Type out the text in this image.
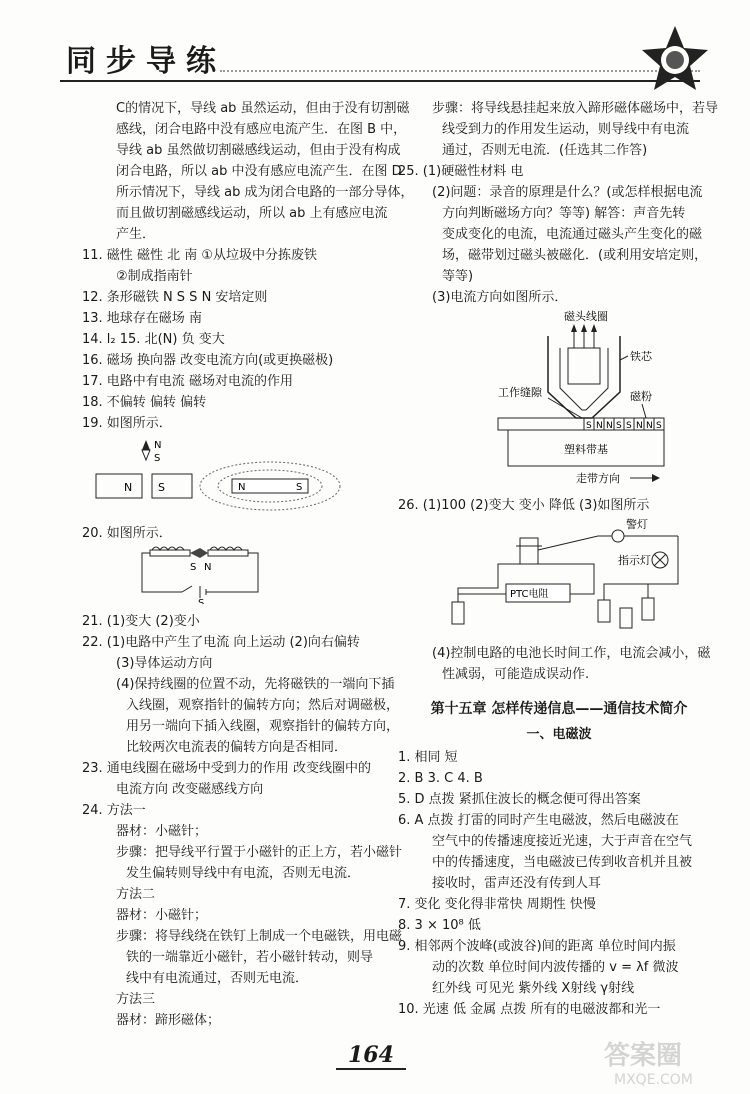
同步导练
C的情况下，导线 ab 虽然运动，但由于没有切割磁
感线，闭合电路中没有感应电流产生．在图 B 中，
导线 ab 虽然做切割磁感线运动，但由于没有构成
闭合电路，所以 ab 中没有感应电流产生．在图 D
所示情况下，导线 ab 成为闭合电路的一部分导体，
而且做切割磁感线运动，所以 ab 上有感应电流
产生．
11. 磁性 磁性 北 南 ①从垃圾中分拣废铁
②制成指南针
12. 条形磁铁 N S S N 安培定则
13. 地球存在磁场 南
14. l₂ 15. 北(N) 负 变大
16. 磁场 换向器 改变电流方向(或更换磁极)
17. 电路中有电流 磁场对电流的作用
18. 不偏转 偏转 偏转
19. 如图所示．
N
S
N S	N	S
20. 如图所示．
S N
S
21. (1)变大 (2)变小
22. (1)电路中产生了电流 向上运动 (2)向右偏转
(3)导体运动方向
(4)保持线圈的位置不动，先将磁铁的一端向下插
入线圈，观察指针的偏转方向；然后对调磁极，
用另一端向下插入线圈，观察指针的偏转方向，
比较两次电流表的偏转方向是否相同．
23. 通电线圈在磁场中受到力的作用 改变线圈中的
电流方向 改变磁感线方向
24. 方法一
器材：小磁针；
步骤：把导线平行置于小磁针的正上方，若小磁针
发生偏转则导线中有电流，否则无电流．
方法二
器材：小磁针；
步骤：将导线绕在铁钉上制成一个电磁铁，用电磁
铁的一端靠近小磁针，若小磁针转动，则导
线中有电流通过，否则无电流．
方法三
器材：蹄形磁体；
步骤：将导线悬挂起来放入蹄形磁体磁场中，若导
线受到力的作用发生运动，则导线中有电流
通过，否则无电流．(任选其二作答)
25. (1)硬磁性材料 电
(2)问题：录音的原理是什么？(或怎样根据电流
方向判断磁场方向？等等) 解答：声音先转
变成变化的电流，电流通过磁头产生变化的磁
场，磁带划过磁头被磁化．(或利用安培定则，
等等)
(3)电流方向如图所示．
磁头线圈
铁芯
工作缝隙	磁粉
S N N S S N N S
塑料带基
走带方向
26. (1)100 (2)变大 变小 降低 (3)如图所示
警灯
指示灯
PTC电阻
(4)控制电路的电池长时间工作，电流会减小，磁
性减弱，可能造成误动作.
第十五章 怎样传递信息——通信技术简介
一、电磁波
1. 相同 短
2. B 3. C 4. B
5. D 点拨 紧抓住波长的概念便可得出答案
6. A 点拨 打雷的同时产生电磁波，然后电磁波在
空气中的传播速度接近光速，大于声音在空气
中的传播速度，当电磁波已传到收音机并且被
接收时，雷声还没有传到人耳
7. 变化 变化得非常快 周期性 快慢
8. 3 × 10⁸ 低
9. 相邻两个波峰(或波谷)间的距离 单位时间内振
动的次数 单位时间内波传播的 v = λf 微波
红外线 可见光 紫外线 X射线 γ射线
10. 光速 低 金属 点拨 所有的电磁波都和光一
164	答案圈
MXQE.COM
